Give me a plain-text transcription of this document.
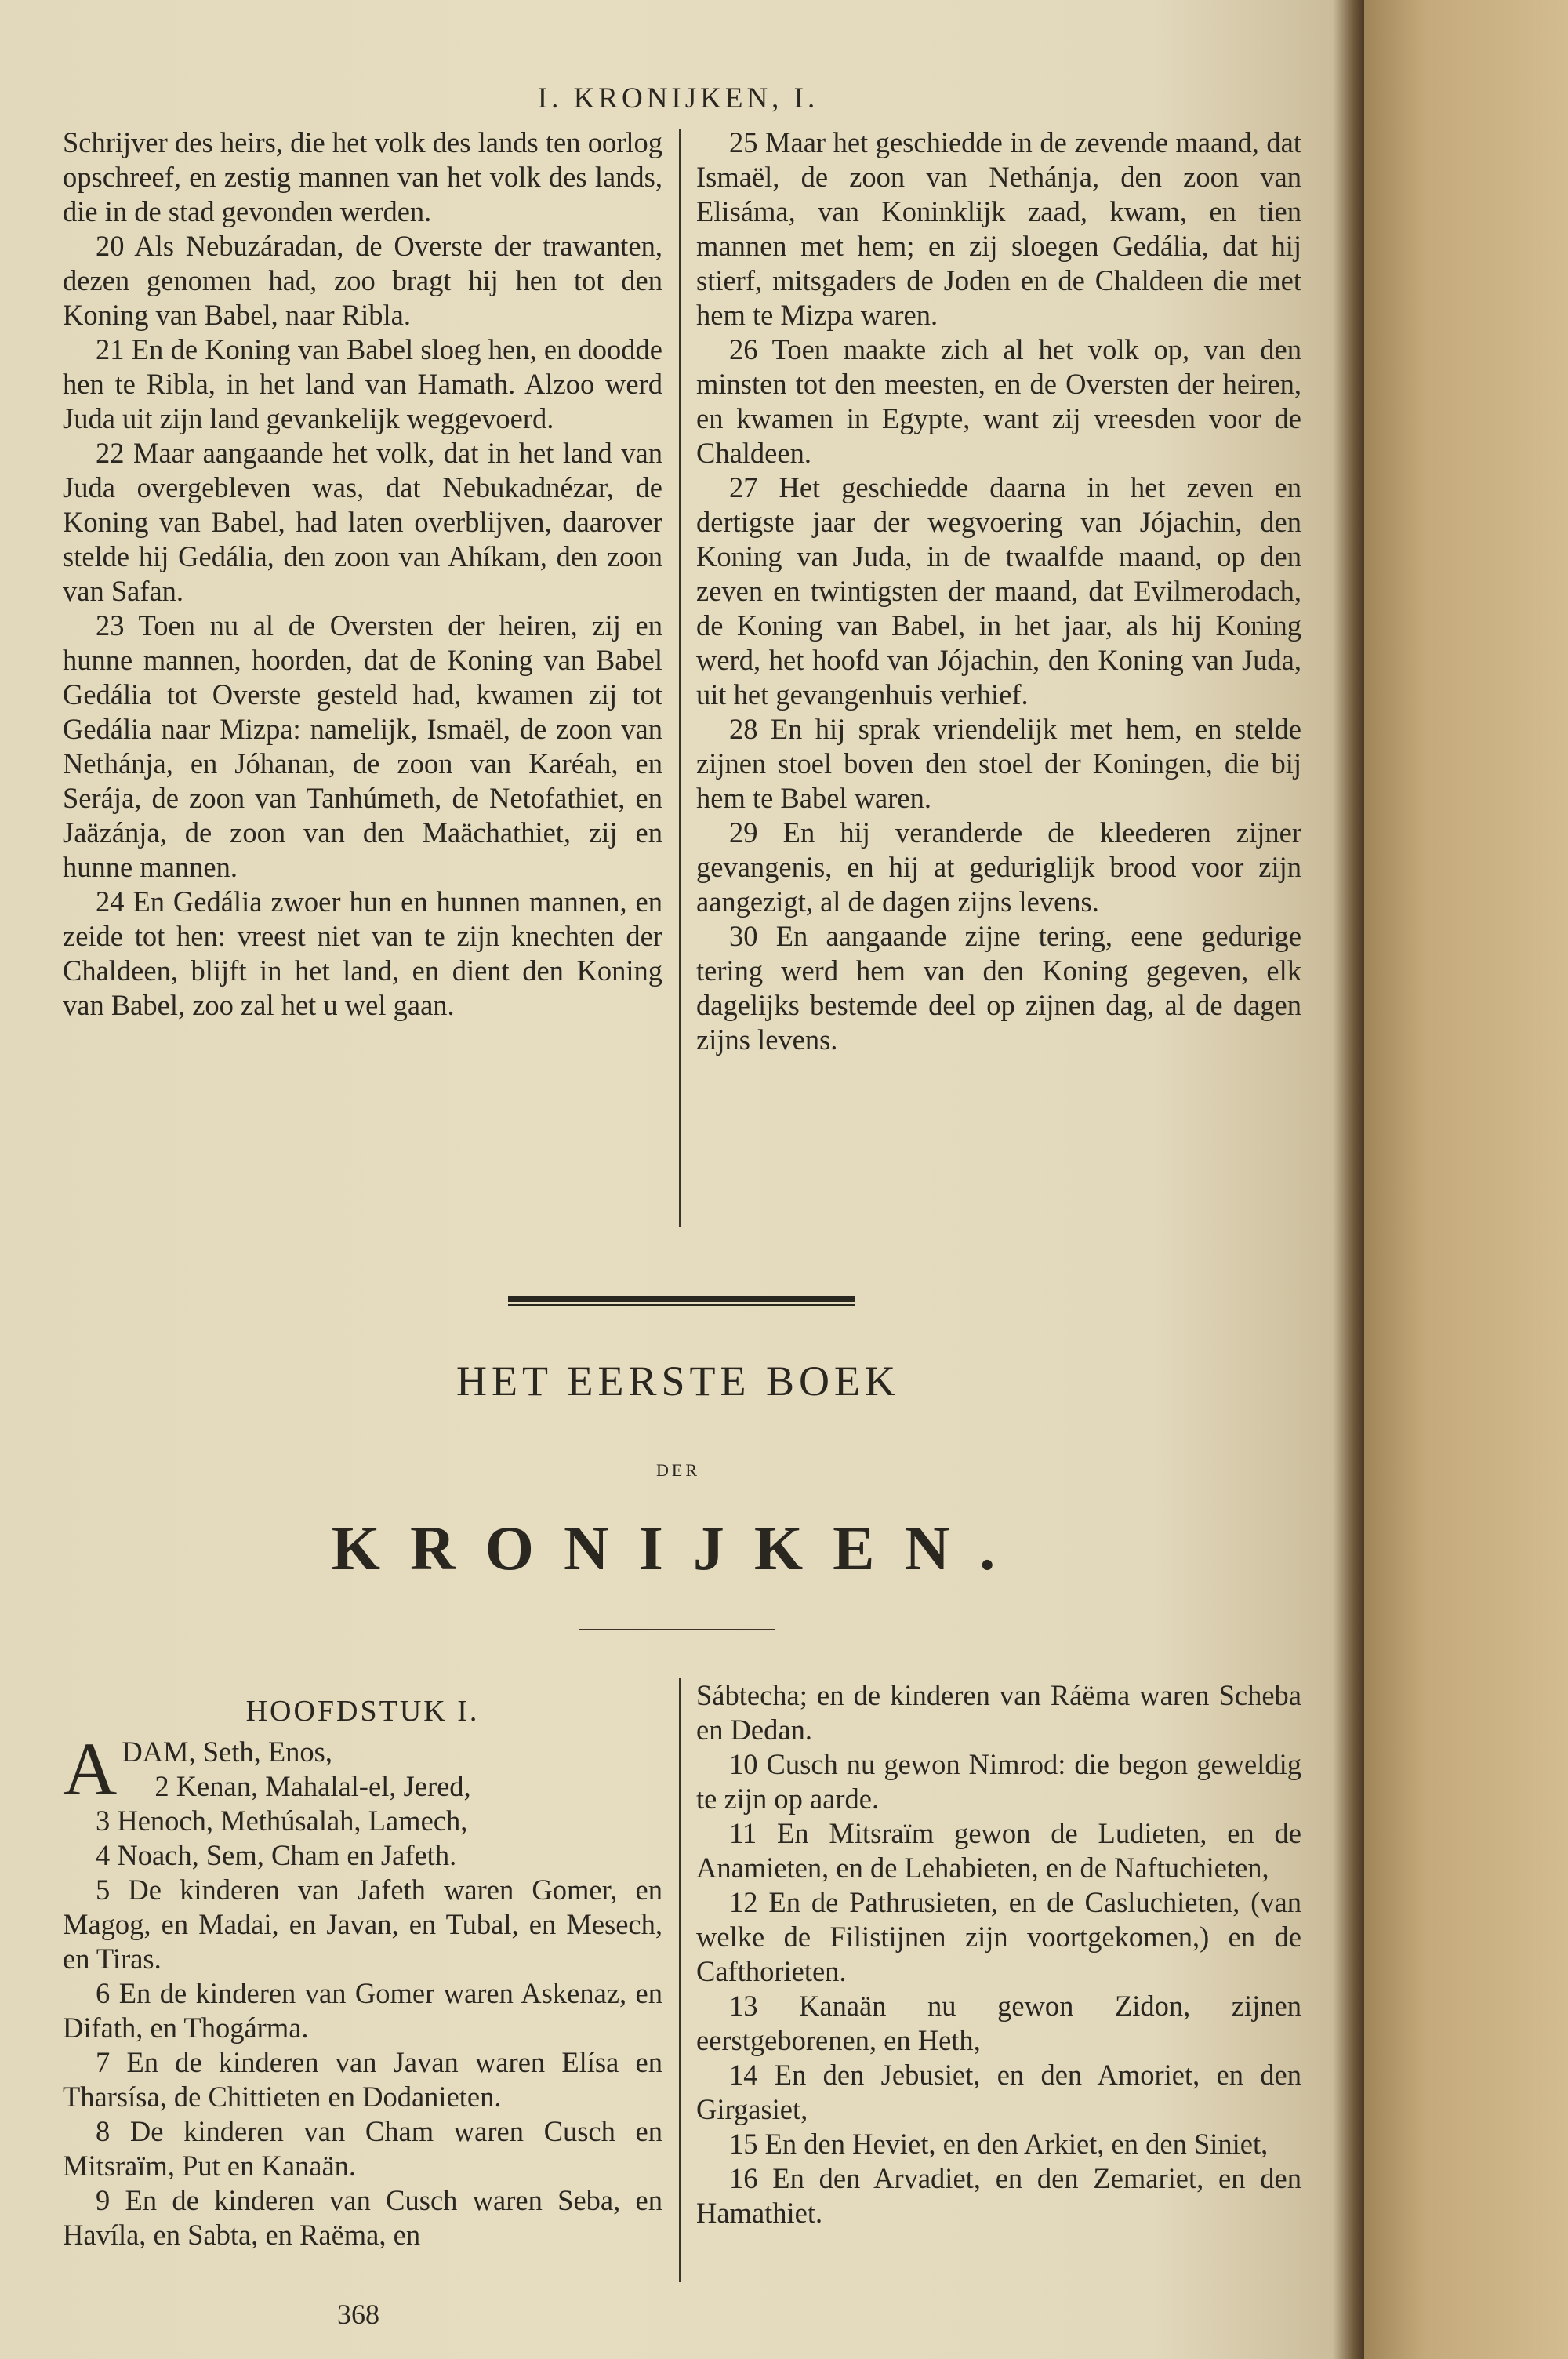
I. KRONIJKEN, I.

Schrijver des heirs, die het volk des lands ten oorlog opschreef, en zestig mannen van het volk des lands, die in de stad gevonden werden.

20 Als Nebuzáradan, de Overste der trawanten, dezen genomen had, zoo bragt hij hen tot den Koning van Babel, naar Ribla.

21 En de Koning van Babel sloeg hen, en doodde hen te Ribla, in het land van Hamath. Alzoo werd Juda uit zijn land gevankelijk weggevoerd.

22 Maar aangaande het volk, dat in het land van Juda overgebleven was, dat Nebukadnézar, de Koning van Babel, had laten overblijven, daarover stelde hij Gedália, den zoon van Ahíkam, den zoon van Safan.

23 Toen nu al de Oversten der heiren, zij en hunne mannen, hoorden, dat de Koning van Babel Gedália tot Overste gesteld had, kwamen zij tot Gedália naar Mizpa: namelijk, Ismaël, de zoon van Nethánja, en Jóhanan, de zoon van Karéah, en Serája, de zoon van Tanhúmeth, de Netofathiet, en Jaäzánja, de zoon van den Maächathiet, zij en hunne mannen.

24 En Gedália zwoer hun en hunnen mannen, en zeide tot hen: vreest niet van te zijn knechten der Chaldeen, blijft in het land, en dient den Koning van Babel, zoo zal het u wel gaan.

25 Maar het geschiedde in de zevende maand, dat Ismaël, de zoon van Nethánja, den zoon van Elisáma, van Koninklijk zaad, kwam, en tien mannen met hem; en zij sloegen Gedália, dat hij stierf, mitsgaders de Joden en de Chaldeen die met hem te Mizpa waren.

26 Toen maakte zich al het volk op, van den minsten tot den meesten, en de Oversten der heiren, en kwamen in Egypte, want zij vreesden voor de Chaldeen.

27 Het geschiedde daarna in het zeven en dertigste jaar der wegvoering van Jójachin, den Koning van Juda, in de twaalfde maand, op den zeven en twintigsten der maand, dat Evilmerodach, de Koning van Babel, in het jaar, als hij Koning werd, het hoofd van Jójachin, den Koning van Juda, uit het gevangenhuis verhief.

28 En hij sprak vriendelijk met hem, en stelde zijnen stoel boven den stoel der Koningen, die bij hem te Babel waren.

29 En hij veranderde de kleederen zijner gevangenis, en hij at geduriglijk brood voor zijn aangezigt, al de dagen zijns levens.

30 En aangaande zijne tering, eene gedurige tering werd hem van den Koning gegeven, elk dagelijks bestemde deel op zijnen dag, al de dagen zijns levens.

HET EERSTE BOEK
DER
KRONIJKEN.
HOOFDSTUK I.

ADAM, Seth, Enos,

2 Kenan, Mahalal-el, Jered,

3 Henoch, Methúsalah, Lamech,

4 Noach, Sem, Cham en Jafeth.

5 De kinderen van Jafeth waren Gomer, en Magog, en Madai, en Javan, en Tubal, en Mesech, en Tiras.

6 En de kinderen van Gomer waren Askenaz, en Difath, en Thogárma.

7 En de kinderen van Javan waren Elísa en Tharsísa, de Chittieten en Dodanieten.

8 De kinderen van Cham waren Cusch en Mitsraïm, Put en Kanaän.

9 En de kinderen van Cusch waren Seba, en Havíla, en Sabta, en Raëma, en

Sábtecha; en de kinderen van Ráëma waren Scheba en Dedan.

10 Cusch nu gewon Nimrod: die begon geweldig te zijn op aarde.

11 En Mitsraïm gewon de Ludieten, en de Anamieten, en de Lehabieten, en de Naftuchieten,

12 En de Pathrusieten, en de Casluchieten, (van welke de Filistijnen zijn voortgekomen,) en de Cafthorieten.

13 Kanaän nu gewon Zidon, zijnen eerstgeborenen, en Heth,

14 En den Jebusiet, en den Amoriet, en den Girgasiet,

15 En den Heviet, en den Arkiet, en den Siniet,

16 En den Arvadiet, en den Zemariet, en den Hamathiet.

368
